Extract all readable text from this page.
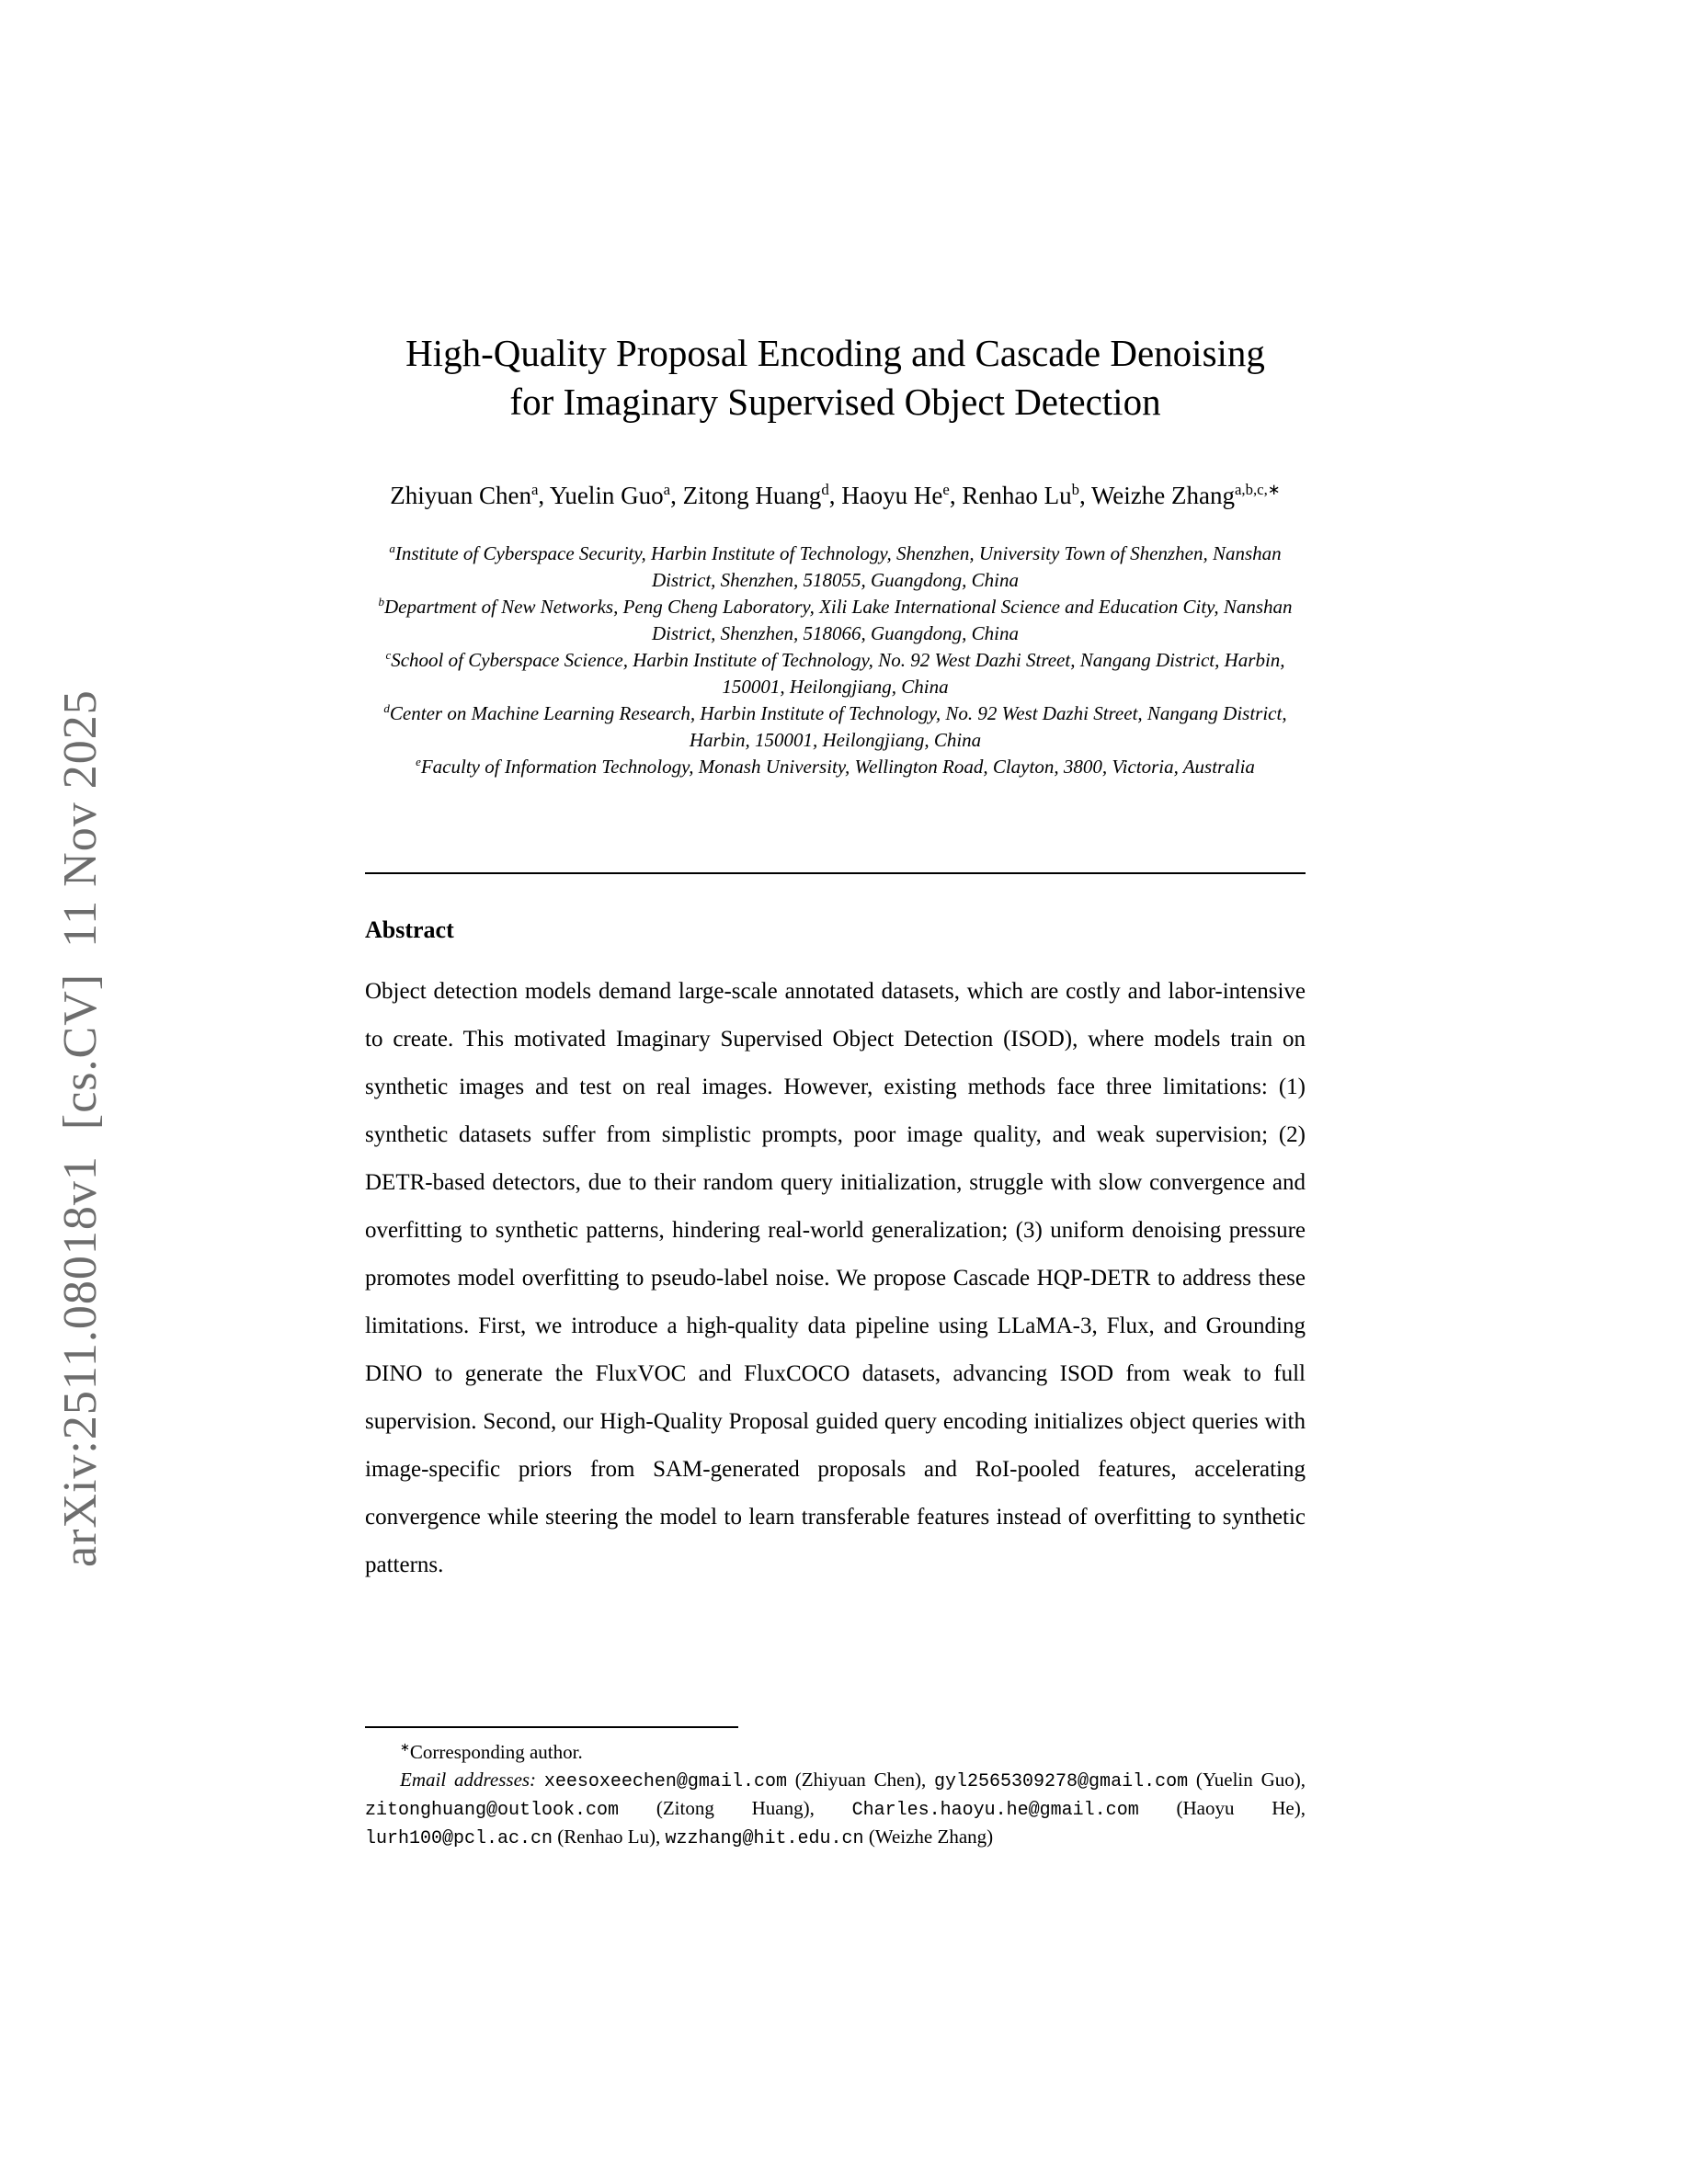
arXiv:2511.08018v1  [cs.CV]  11 Nov 2025
High-Quality Proposal Encoding and Cascade Denoising
for Imaginary Supervised Object Detection
Zhiyuan Chen$^a$, Yuelin Guo$^a$, Zitong Huang$^d$, Haoyu He$^e$, Renhao Lu$^b$, Weizhe Zhang$^{a,b,c,∗}$
$^a$Institute of Cyberspace Security, Harbin Institute of Technology, Shenzhen, University Town of Shenzhen, Nanshan District, Shenzhen, 518055, Guangdong, China
$^b$Department of New Networks, Peng Cheng Laboratory, Xili Lake International Science and Education City, Nanshan District, Shenzhen, 518066, Guangdong, China
$^c$School of Cyberspace Science, Harbin Institute of Technology, No. 92 West Dazhi Street, Nangang District, Harbin, 150001, Heilongjiang, China
$^d$Center on Machine Learning Research, Harbin Institute of Technology, No. 92 West Dazhi Street, Nangang District, Harbin, 150001, Heilongjiang, China
$^e$Faculty of Information Technology, Monash University, Wellington Road, Clayton, 3800, Victoria, Australia
Abstract

Object detection models demand large-scale annotated datasets, which are costly and labor-intensive to create. This motivated Imaginary Supervised Object Detection (ISOD), where models train on synthetic images and test on real images. However, existing methods face three limitations: (1) synthetic datasets suffer from simplistic prompts, poor image quality, and weak supervision; (2) DETR-based detectors, due to their random query initialization, struggle with slow convergence and overfitting to synthetic patterns, hindering real-world generalization; (3) uniform denoising pressure promotes model overfitting to pseudo-label noise. We propose Cascade HQP-DETR to address these limitations. First, we introduce a high-quality data pipeline using LLaMA-3, Flux, and Grounding DINO to generate the FluxVOC and FluxCOCO datasets, advancing ISOD from weak to full supervision. Second, our High-Quality Proposal guided query encoding initializes object queries with image-specific priors from SAM-generated proposals and RoI-pooled features, accelerating convergence while steering the model to learn transferable features instead of overfitting to synthetic patterns.

∗Corresponding author.
Email addresses: xeesoxeechen@gmail.com (Zhiyuan Chen), gyl2565309278@gmail.com (Yuelin Guo), zitonghuang@outlook.com (Zitong Huang), Charles.haoyu.he@gmail.com (Haoyu He), lurh100@pcl.ac.cn (Renhao Lu), wzzhang@hit.edu.cn (Weizhe Zhang)
